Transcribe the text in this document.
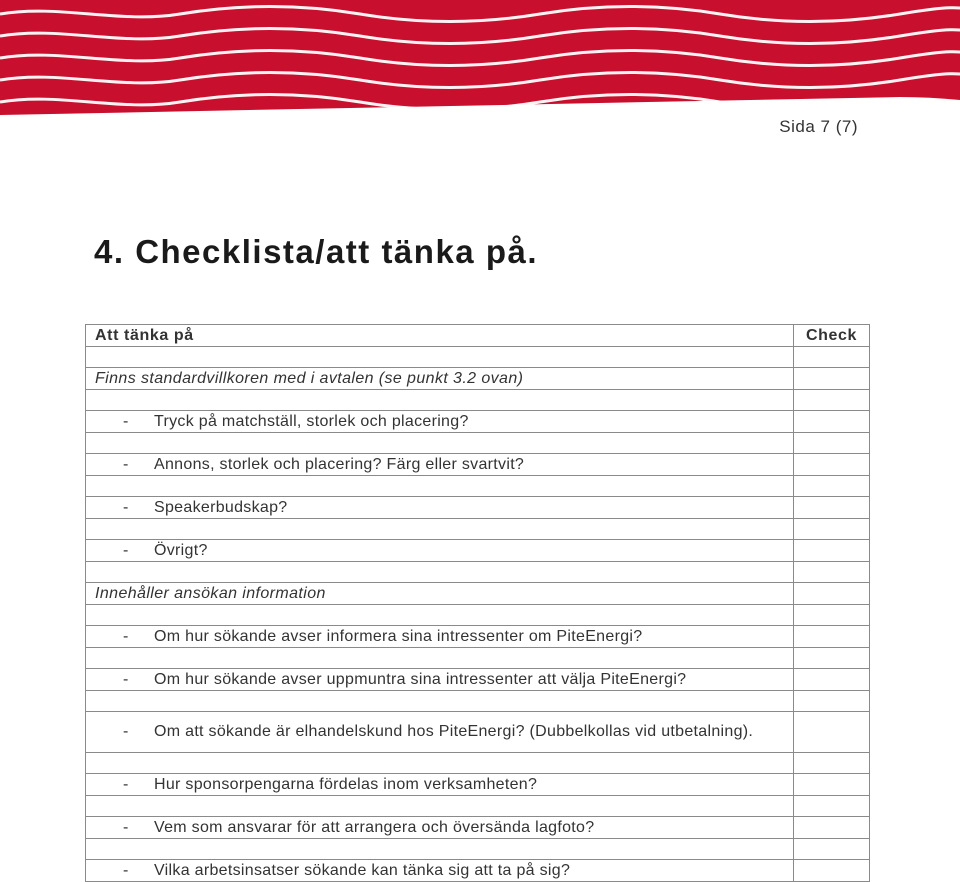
Sida 7 (7)
4. Checklista/att tänka på.
Att tänka på	Check

Finns standardvillkoren med i avtalen (se punkt 3.2 ovan)	

- Tryck på matchställ, storlek och placering?	

- Annons, storlek och placering? Färg eller svartvit?	

- Speakerbudskap?	

- Övrigt?	

Innehåller ansökan information	

- Om hur sökande avser informera sina intressenter om PiteEnergi?	

- Om hur sökande avser uppmuntra sina intressenter att välja PiteEnergi?	

- Om att sökande är elhandelskund hos PiteEnergi? (Dubbelkollas vid utbetalning).	

- Hur sponsorpengarna fördelas inom verksamheten?	

- Vem som ansvarar för att arrangera och översända lagfoto?	

- Vilka arbetsinsatser sökande kan tänka sig att ta på sig?	
